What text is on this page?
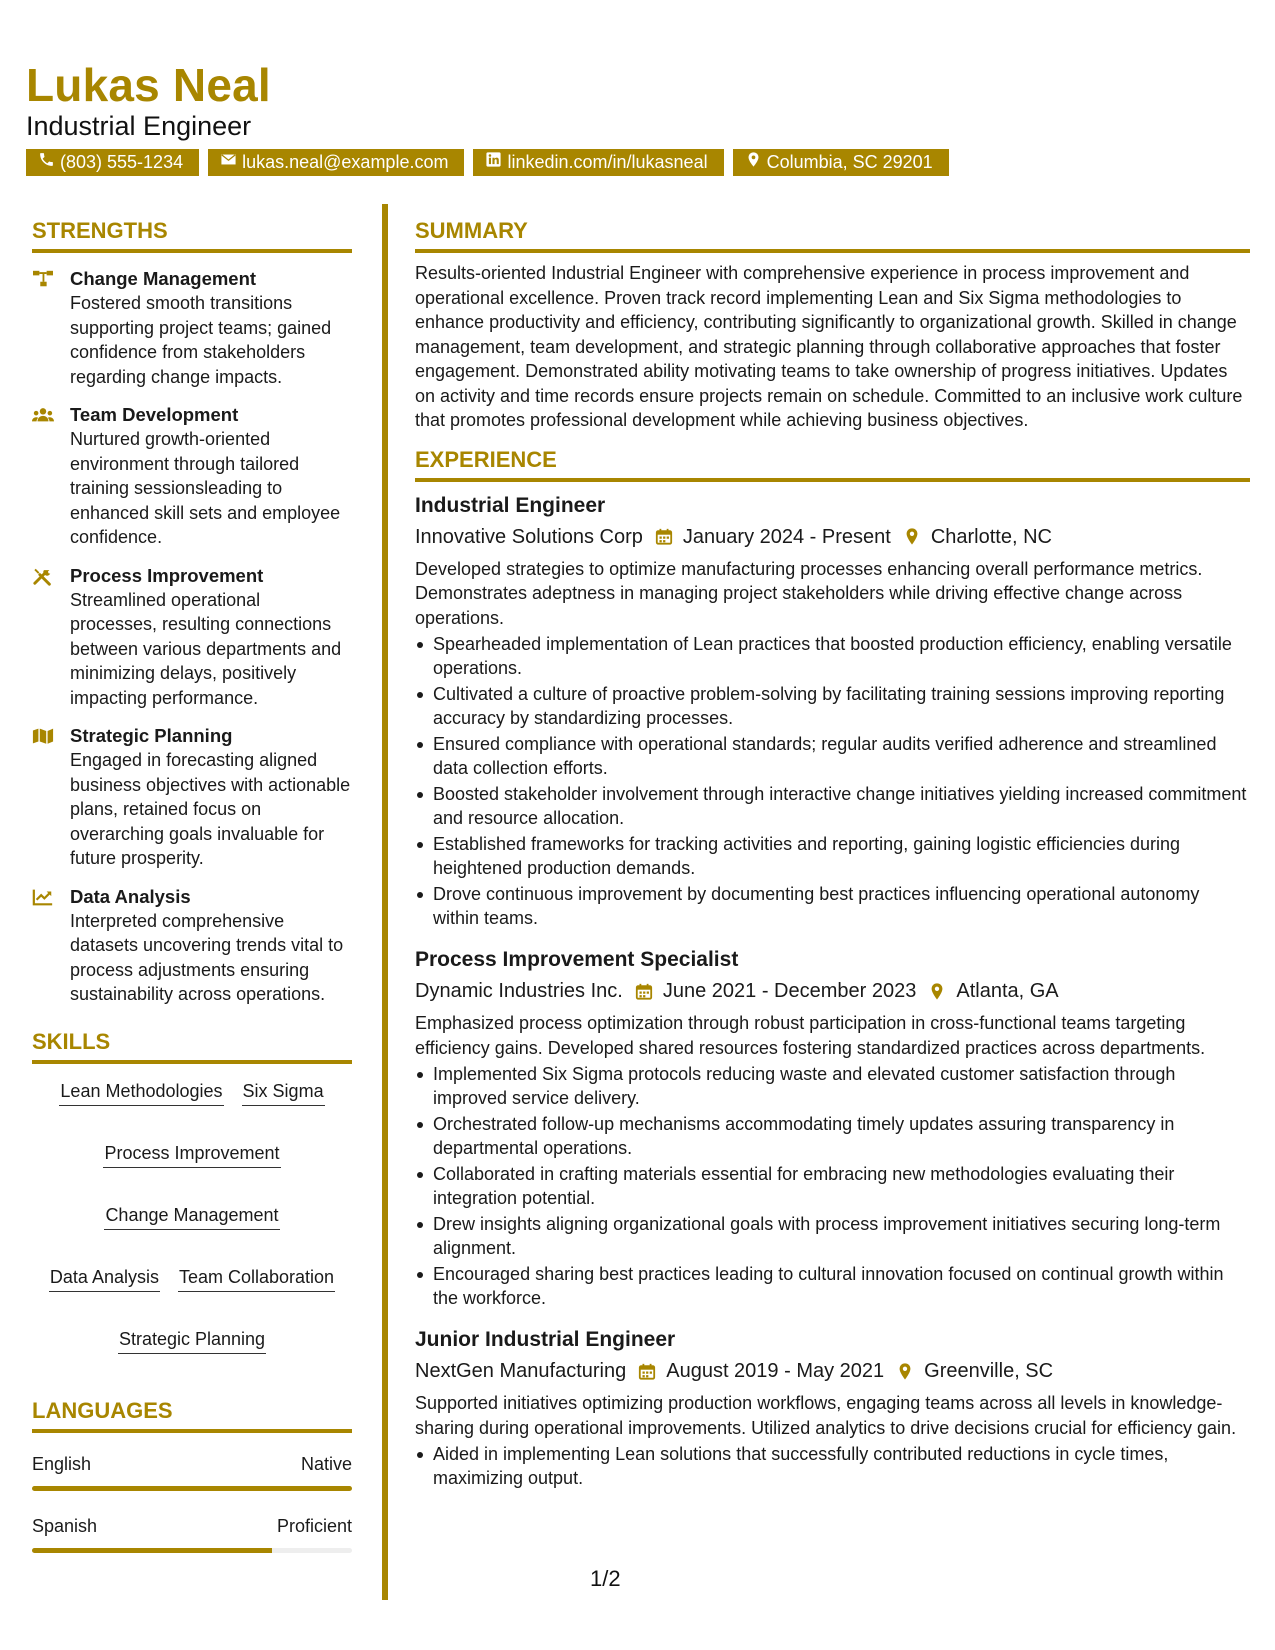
Lukas Neal
Industrial Engineer
(803) 555-1234	lukas.neal@example.com	linkedin.com/in/lukasneal	Columbia, SC 29201
STRENGTHS
Change Management
Fostered smooth transitions supporting project teams; gained confidence from stakeholders regarding change impacts.
Team Development
Nurtured growth-oriented environment through tailored training sessionsleading to enhanced skill sets and employee confidence.
Process Improvement
Streamlined operational processes, resulting connections between various departments and minimizing delays, positively impacting performance.
Strategic Planning
Engaged in forecasting aligned business objectives with actionable plans, retained focus on overarching goals invaluable for future prosperity.
Data Analysis
Interpreted comprehensive datasets uncovering trends vital to process adjustments ensuring sustainability across operations.
SKILLS
Lean Methodologies Six Sigma
Process Improvement
Change Management
Data Analysis Team Collaboration
Strategic Planning
LANGUAGES
English	Native
Spanish	Proficient
SUMMARY

Results-oriented Industrial Engineer with comprehensive experience in process improvement and operational excellence. Proven track record implementing Lean and Six Sigma methodologies to enhance productivity and efficiency, contributing significantly to organizational growth. Skilled in change management, team development, and strategic planning through collaborative approaches that foster engagement. Demonstrated ability motivating teams to take ownership of progress initiatives. Updates on activity and time records ensure projects remain on schedule. Committed to an inclusive work culture that promotes professional development while achieving business objectives.

EXPERIENCE
Industrial Engineer
Innovative Solutions Corp January 2024 - Present Charlotte, NC

Developed strategies to optimize manufacturing processes enhancing overall performance metrics. Demonstrates adeptness in managing project stakeholders while driving effective change across operations.

Spearheaded implementation of Lean practices that boosted production efficiency, enabling versatile operations.
Cultivated a culture of proactive problem-solving by facilitating training sessions improving reporting accuracy by standardizing processes.
Ensured compliance with operational standards; regular audits verified adherence and streamlined data collection efforts.
Boosted stakeholder involvement through interactive change initiatives yielding increased commitment and resource allocation.
Established frameworks for tracking activities and reporting, gaining logistic efficiencies during heightened production demands.
Drove continuous improvement by documenting best practices influencing operational autonomy within teams.
Process Improvement Specialist
Dynamic Industries Inc. June 2021 - December 2023 Atlanta, GA

Emphasized process optimization through robust participation in cross-functional teams targeting efficiency gains. Developed shared resources fostering standardized practices across departments.

Implemented Six Sigma protocols reducing waste and elevated customer satisfaction through improved service delivery.
Orchestrated follow-up mechanisms accommodating timely updates assuring transparency in departmental operations.
Collaborated in crafting materials essential for embracing new methodologies evaluating their integration potential.
Drew insights aligning organizational goals with process improvement initiatives securing long-term alignment.
Encouraged sharing best practices leading to cultural innovation focused on continual growth within the workforce.
Junior Industrial Engineer
NextGen Manufacturing August 2019 - May 2021 Greenville, SC

Supported initiatives optimizing production workflows, engaging teams across all levels in knowledge-sharing during operational improvements. Utilized analytics to drive decisions crucial for efficiency gain.

Aided in implementing Lean solutions that successfully contributed reductions in cycle times, maximizing output.
1/2
